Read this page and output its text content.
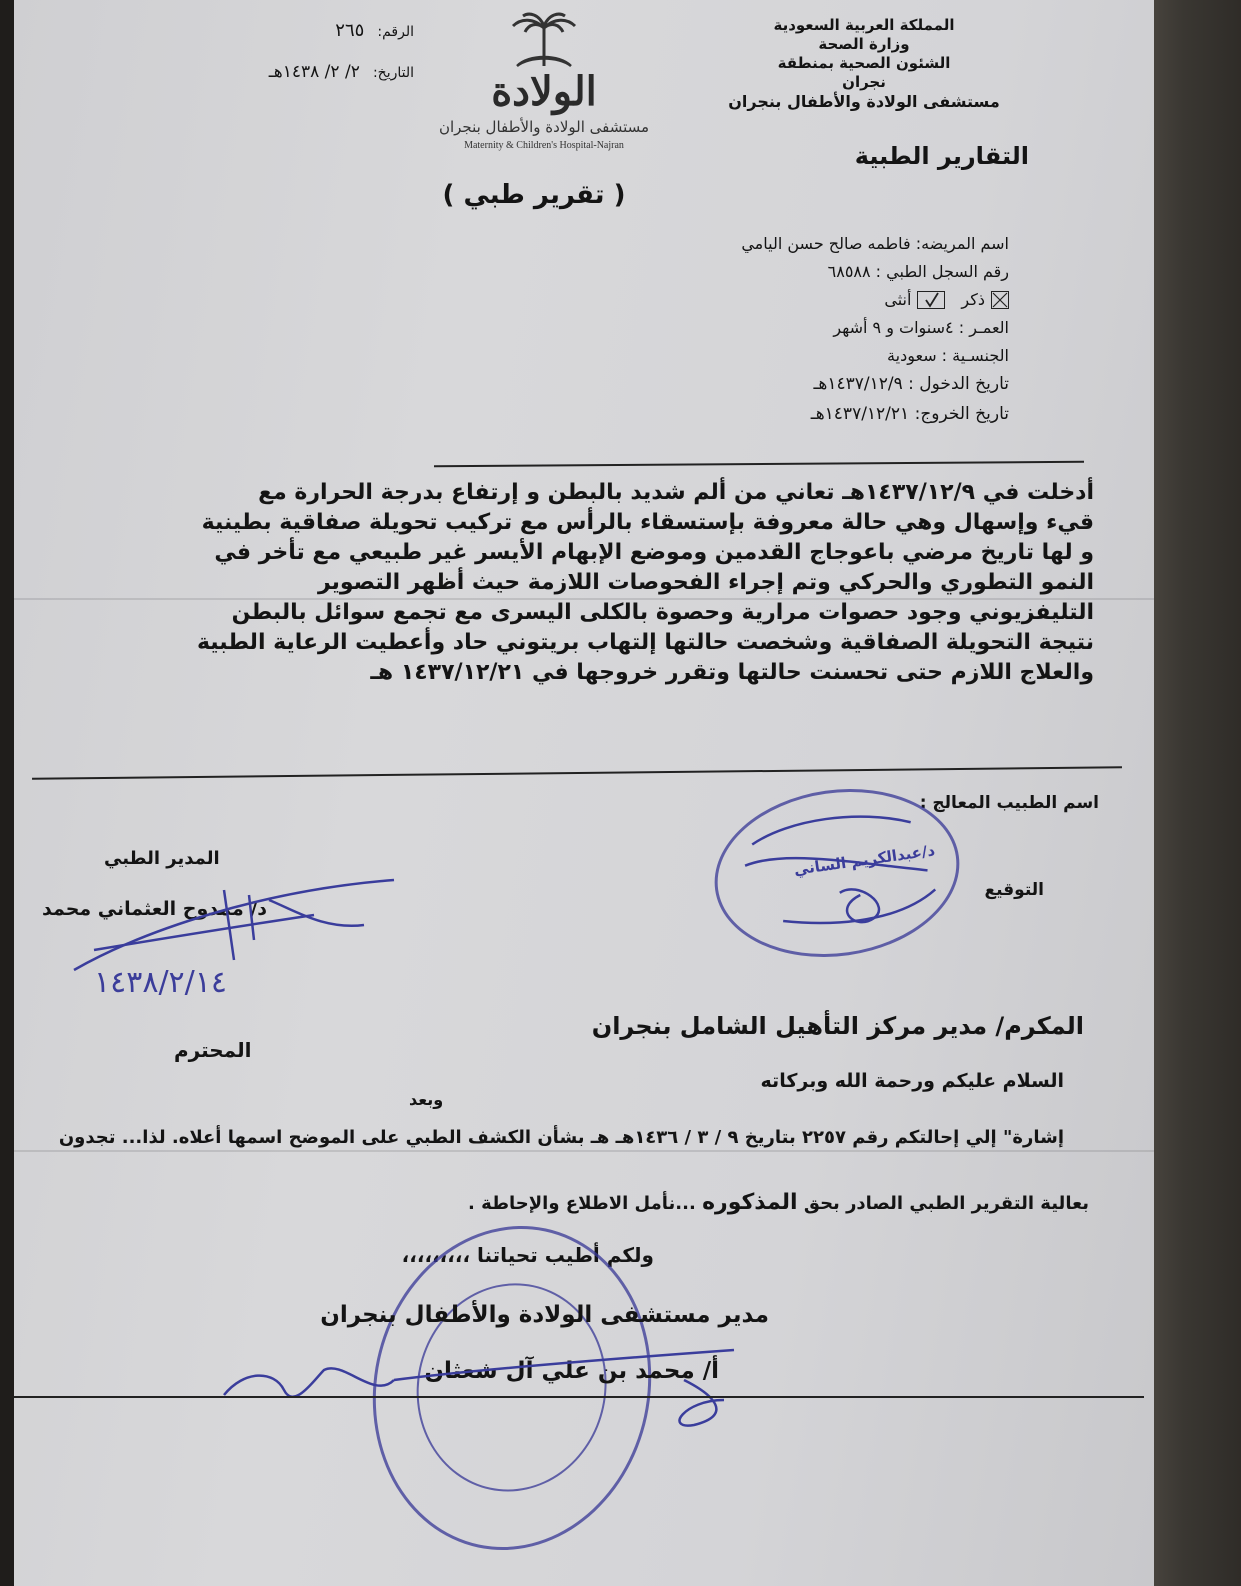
المملكة العربية السعودية
وزارة الصحة
الشئون الصحية بمنطقة
نجران
مستشفى الولادة والأطفال بنجران
الولادة
مستشفى الولادة والأطفال بنجران
Maternity & Children's Hospital-Najran
الرقم: ٢٦٥
التاريخ: ٢/ ٢/ ١٤٣٨هـ
التقارير الطبية
( تقرير طبي )
اسم المريضه: فاطمه صالح حسن اليامي
رقم السجل الطبي : ٦٨٥٨٨
ذكر
أنثى
العمـر : ٤سنوات و ٩ أشهر
الجنسـية : سعودية
تاريخ الدخول : ١٤٣٧/١٢/٩هـ
تاريخ الخروج: ١٤٣٧/١٢/٢١هـ
أدخلت في ١٤٣٧/١٢/٩هـ تعاني من ألم شديد بالبطن و إرتفاع بدرجة الحرارة مع
قيء وإسهال وهي حالة معروفة بإستسقاء بالرأس مع تركيب تحويلة صفاقية بطينية
و لها تاريخ مرضي باعوجاج القدمين وموضع الإبهام الأيسر غير طبيعي مع تأخر في
النمو التطوري والحركي وتم إجراء الفحوصات اللازمة حيث أظهر التصوير
التليفزيوني وجود حصوات مرارية وحصوة بالكلى اليسرى مع تجمع سوائل بالبطن
نتيجة التحويلة الصفاقية وشخصت حالتها إلتهاب بريتوني حاد وأعطيت الرعاية الطبية
والعلاج اللازم حتى تحسنت حالتها وتقرر خروجها في ١٤٣٧/١٢/٢١ هـ
اسم الطبيب المعالج :
التوقيع
د/عبدالكريم الساني
المدير الطبي
د/ ممدوح العثماني محمد
١٤٣٨/٢/١٤
المكرم/ مدير مركز التأهيل الشامل بنجران
المحترم
السلام عليكم ورحمة الله وبركاته
وبعد
إشارة" إلي إحالتكم رقم ٢٢٥٧ بتاريخ ٩ / ٣ / ١٤٣٦هـ هـ بشأن الكشف الطبي على الموضح اسمها أعلاه. لذا... تجدون
بعالية التقرير الطبي الصادر بحق المذكوره ...نأمل الاطلاع والإحاطة .
ولكم أطيب تحياتنا ،،،،،،،،،
مدير مستشفى الولادة والأطفال بنجران
أ/ محمد بن علي آل شعثان
